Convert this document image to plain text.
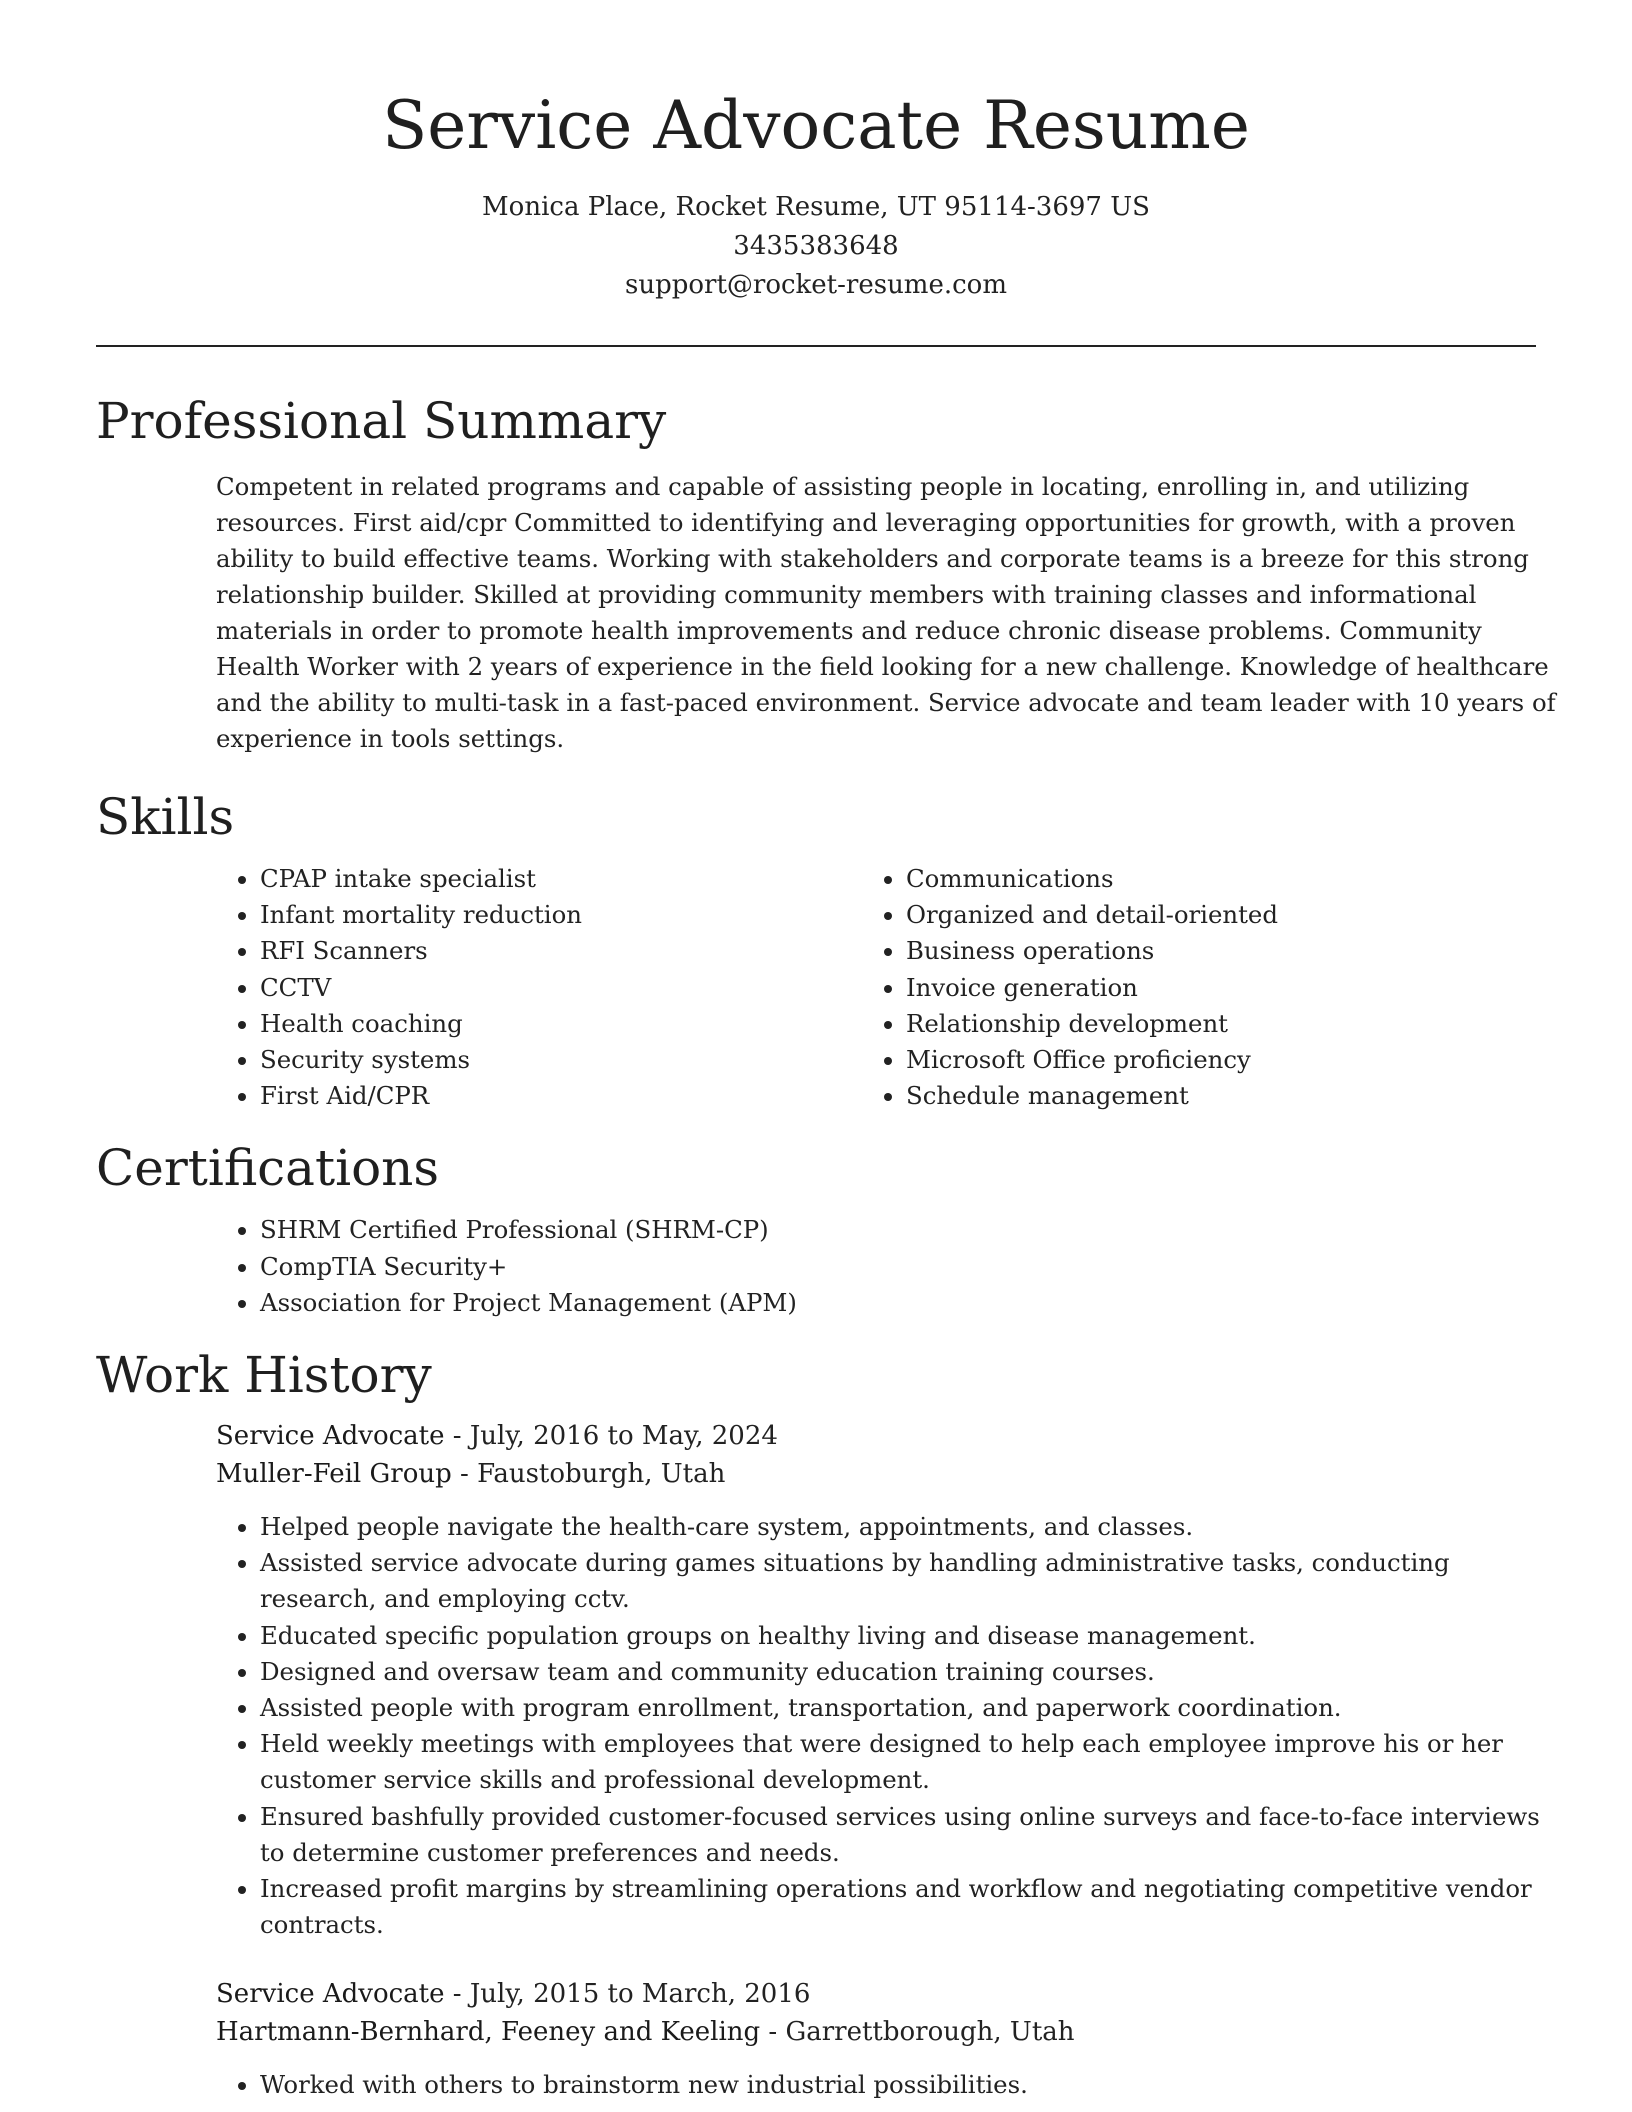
Service Advocate Resume
Monica Place, Rocket Resume, UT 95114-3697 US
3435383648
support@rocket-resume.com
Professional Summary

Competent in related programs and capable of assisting people in locating, enrolling in, and utilizing resources. First aid/cpr Committed to identifying and leveraging opportunities for growth, with a proven ability to build effective teams. Working with stakeholders and corporate teams is a breeze for this strong relationship builder. Skilled at providing community members with training classes and informational materials in order to promote health improvements and reduce chronic disease problems. Community Health Worker with 2 years of experience in the field looking for a new challenge. Knowledge of healthcare and the ability to multi-task in a fast-paced environment. Service advocate and team leader with 10 years of experience in tools settings.

Skills
• CPAP intake specialist
• Infant mortality reduction
• RFI Scanners
• CCTV
• Health coaching
• Security systems
• First Aid/CPR
• Communications
• Organized and detail-oriented
• Business operations
• Invoice generation
• Relationship development
• Microsoft Office proficiency
• Schedule management
Certifications
• SHRM Certified Professional (SHRM-CP)
• CompTIA Security+
• Association for Project Management (APM)
Work History
Service Advocate - July, 2016 to May, 2024
Muller-Feil Group - Faustoburgh, Utah
• Helped people navigate the health-care system, appointments, and classes.
• Assisted service advocate during games situations by handling administrative tasks, conducting research, and employing cctv.
• Educated specific population groups on healthy living and disease management.
• Designed and oversaw team and community education training courses.
• Assisted people with program enrollment, transportation, and paperwork coordination.
• Held weekly meetings with employees that were designed to help each employee improve his or her customer service skills and professional development.
• Ensured bashfully provided customer-focused services using online surveys and face-to-face interviews to determine customer preferences and needs.
• Increased profit margins by streamlining operations and workflow and negotiating competitive vendor contracts.
Service Advocate - July, 2015 to March, 2016
Hartmann-Bernhard, Feeney and Keeling - Garrettborough, Utah
• Worked with others to brainstorm new industrial possibilities.
